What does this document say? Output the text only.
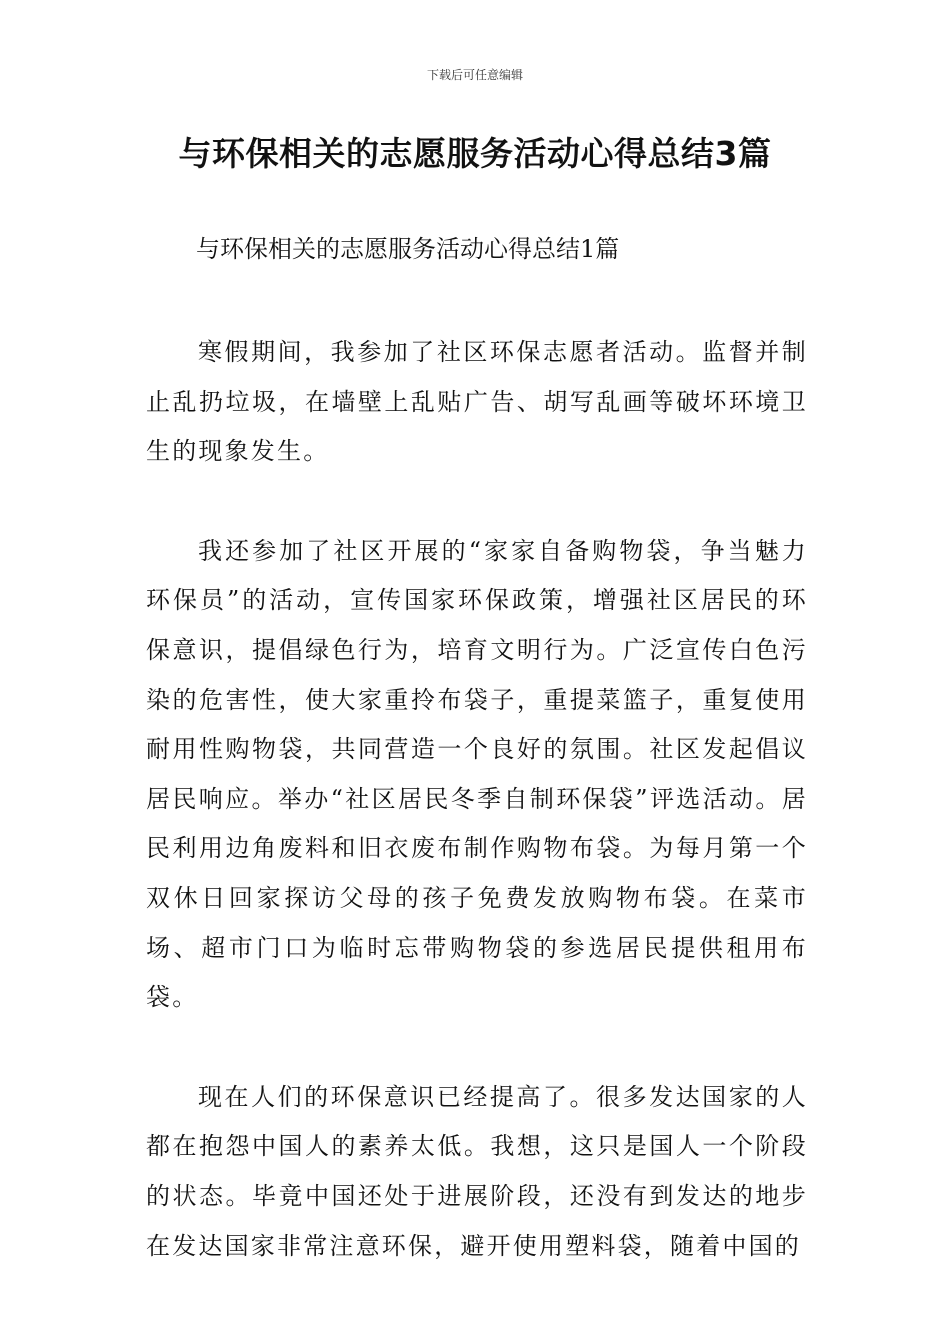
下载后可任意编辑
与环保相关的志愿服务活动心得总结3篇

与环保相关的志愿服务活动心得总结1篇

寒假期间，我参加了社区环保志愿者活动。监督并制止乱扔垃圾，在墙壁上乱贴广告、胡写乱画等破坏环境卫生的现象发生。

我还参加了社区开展的“家家自备购物袋，争当魅力环保员”的活动，宣传国家环保政策，增强社区居民的环保意识，提倡绿色行为，培育文明行为。广泛宣传白色污染的危害性，使大家重拎布袋子，重提菜篮子，重复使用耐用性购物袋，共同营造一个良好的氛围。社区发起倡议居民响应。举办“社区居民冬季自制环保袋”评选活动。居民利用边角废料和旧衣废布制作购物布袋。为每月第一个双休日回家探访父母的孩子免费发放购物布袋。在菜市场、超市门口为临时忘带购物袋的参选居民提供租用布袋。

现在人们的环保意识已经提高了。很多发达国家的人都在抱怨中国人的素养太低。我想，这只是国人一个阶段的状态。毕竟中国还处于进展阶段，还没有到发达的地步在发达国家非常注意环保，避开使用塑料袋，随着中国的
